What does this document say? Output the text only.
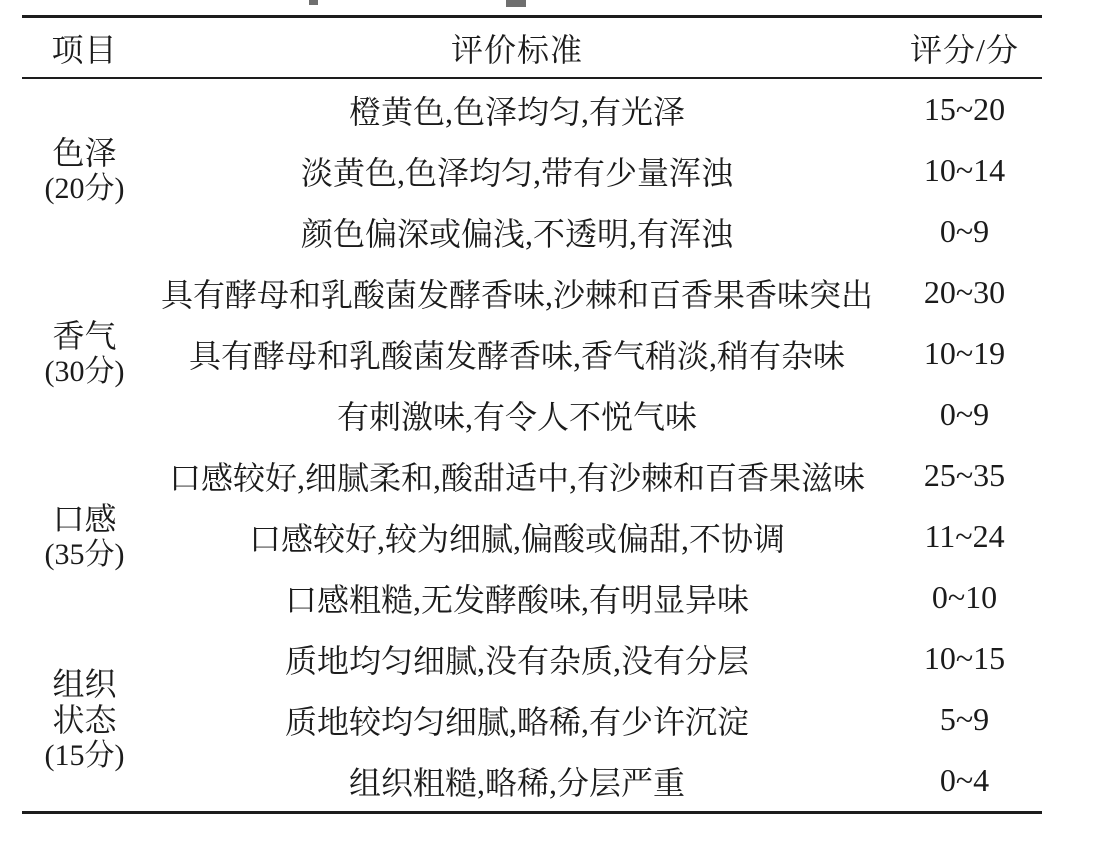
项目	评价标准	评分/分
色泽
(20分)
橙黄色,色泽均匀,有光泽	15~20
淡黄色,色泽均匀,带有少量浑浊	10~14
颜色偏深或偏浅,不透明,有浑浊	0~9
香气
(30分)
具有酵母和乳酸菌发酵香味,沙棘和百香果香味突出	20~30
具有酵母和乳酸菌发酵香味,香气稍淡,稍有杂味	10~19
有刺激味,有令人不悦气味	0~9
口感
(35分)
口感较好,细腻柔和,酸甜适中,有沙棘和百香果滋味	25~35
口感较好,较为细腻,偏酸或偏甜,不协调	11~24
口感粗糙,无发酵酸味,有明显异味	0~10
组织
状态
(15分)
质地均匀细腻,没有杂质,没有分层	10~15
质地较均匀细腻,略稀,有少许沉淀	5~9
组织粗糙,略稀,分层严重	0~4
